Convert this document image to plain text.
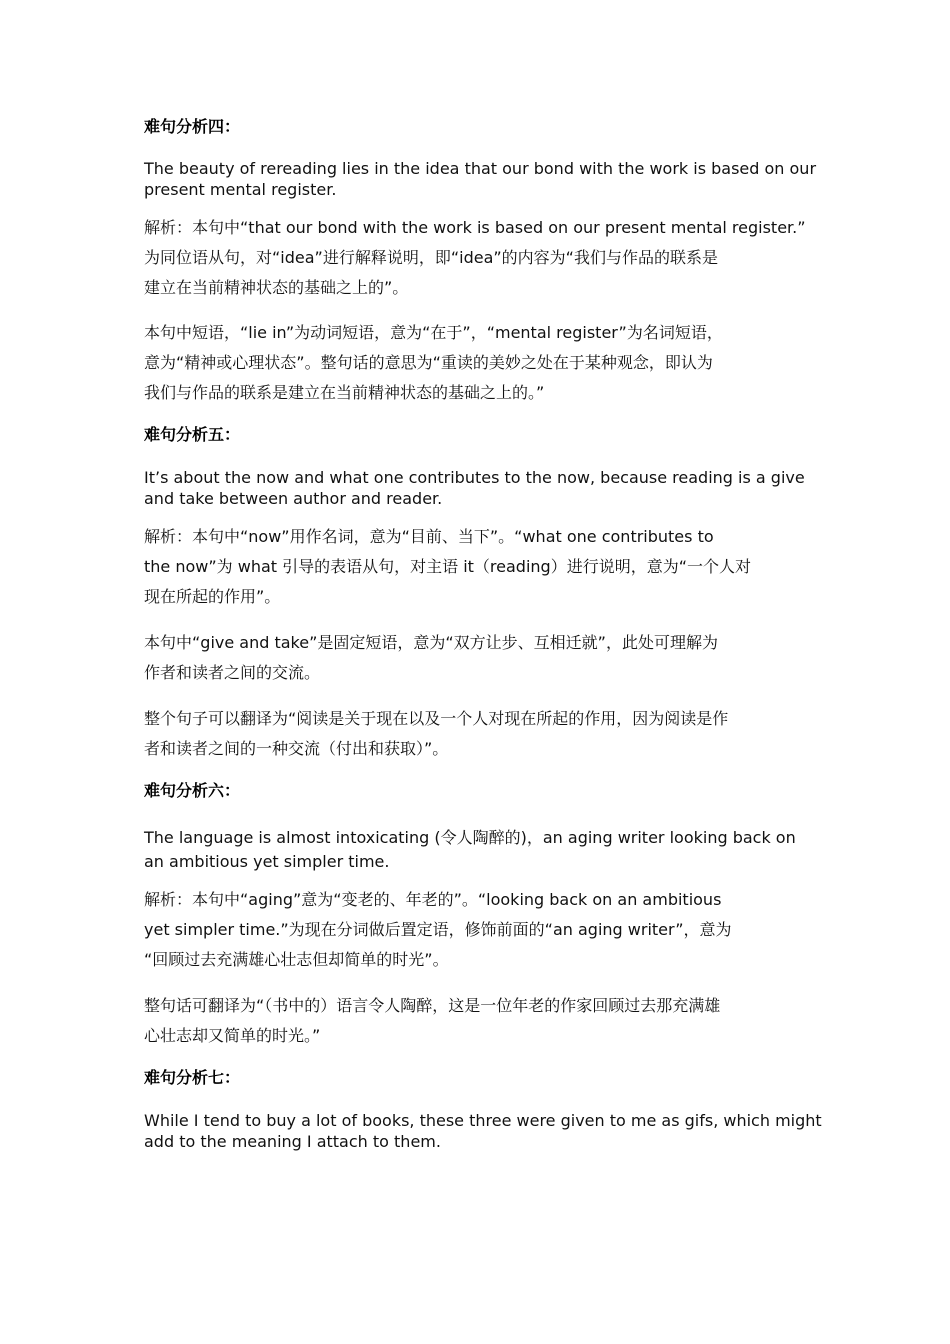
难句分析四：

The beauty of rereading lies in the idea that our bond with the work is based on our
present mental register.

解析：本句中“that our bond with the work is based on our present mental register.”
为同位语从句，对“idea”进行解释说明，即“idea”的内容为“我们与作品的联系是
建立在当前精神状态的基础之上的”。

本句中短语，“lie in”为动词短语，意为“在于”，“mental register”为名词短语，
意为“精神或心理状态”。整句话的意思为“重读的美妙之处在于某种观念，即认为
我们与作品的联系是建立在当前精神状态的基础之上的。”

难句分析五：

It’s about the now and what one contributes to the now, because reading is a give
and take between author and reader.

解析：本句中“now”用作名词，意为“目前、当下”。“what one contributes to
the now”为 what 引导的表语从句，对主语 it（reading）进行说明，意为“一个人对
现在所起的作用”。

本句中“give and take”是固定短语，意为“双方让步、互相迁就”，此处可理解为
作者和读者之间的交流。

整个句子可以翻译为“阅读是关于现在以及一个人对现在所起的作用，因为阅读是作
者和读者之间的一种交流（付出和获取）”。

难句分析六：

The language is almost intoxicating (令人陶醉的)，an aging writer looking back on
an ambitious yet simpler time.

解析：本句中“aging”意为“变老的、年老的”。“looking back on an ambitious
yet simpler time.”为现在分词做后置定语，修饰前面的“an aging writer”，意为
“回顾过去充满雄心壮志但却简单的时光”。

整句话可翻译为“（书中的）语言令人陶醉，这是一位年老的作家回顾过去那充满雄
心壮志却又简单的时光。”

难句分析七：

While I tend to buy a lot of books, these three were given to me as gifs, which might
add to the meaning I attach to them.
